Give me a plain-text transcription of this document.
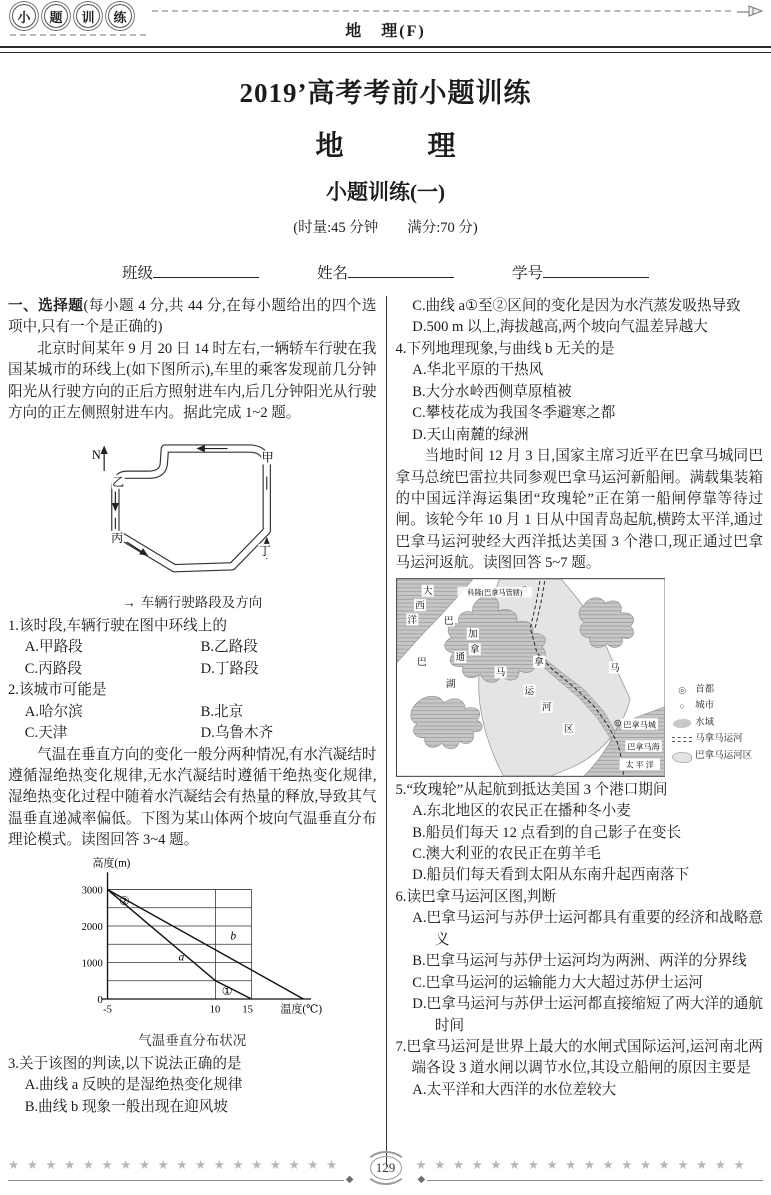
小	题	训	练
地　理(F)
2019’高考考前小题训练
地　　　理
小题训练(一)
(时量:45 分钟　　满分:70 分)
班级	姓名	学号

一、选择题(每小题 4 分,共 44 分,在每小题给出的四个选项中,只有一个是正确的)

北京时间某年 9 月 20 日 14 时左右,一辆轿车行驶在我国某城市的环线上(如下图所示),车里的乘客发现前几分钟阳光从行驶方向的正后方照射进车内,后几分钟阳光从行驶方向的正左侧照射进车内。据此完成 1~2 题。

N	甲
乙
丙
丁
→ 车辆行驶路段及方向

1.该时段,车辆行驶在图中环线上的

A.甲路段	B.乙路段
C.丙路段	D.丁路段

2.该城市可能是

A.哈尔滨	B.北京
C.天津	D.乌鲁木齐

气温在垂直方向的变化一般分两种情况,有水汽凝结时遵循湿绝热变化规律,无水汽凝结时遵循干绝热变化规律,湿绝热变化过程中随着水汽凝结会有热量的释放,导致其气温垂直递减率偏低。下图为某山体两个坡向气温垂直分布理论模式。读图回答 3~4 题。

高度(m)
3000
2000
1000
0
-5	10 15 温度(℃)
②
①
a
b
气温垂直分布状况

3.关于该图的判读,以下说法正确的是

A.曲线 a 反映的是湿绝热变化规律
B.曲线 b 现象一般出现在迎风坡
C.曲线 a①至②区间的变化是因为水汽蒸发吸热导致
D.500 m 以上,海拔越高,两个坡向气温差异越大

4.下列地理现象,与曲线 b 无关的是

A.华北平原的干热风
B.大分水岭西侧草原植被
C.攀枝花成为我国冬季避寒之都
D.天山南麓的绿洲

当地时间 12 月 3 日,国家主席习近平在巴拿马城同巴拿马总统巴雷拉共同参观巴拿马运河新船闸。满载集装箱的中国远洋海运集团“玫瑰轮”正在第一船闸停靠等待过闸。该轮今年 10 月 1 日从中国青岛起航,横跨太平洋,通过巴拿马运河驶经大西洋抵达美国 3 个港口,现正通过巴拿马运河返航。读图回答 5~7 题。

大
西
洋
科隆(巴拿马管辖)
巴
拿
马
运
河
区
加
通
湖
巴	拿
马
巴拿马城
巴拿马海
太 平 洋
◎ 首都
○	城市
水域
马拿马运河
巴拿马运河区

5.“玫瑰轮”从起航到抵达美国 3 个港口期间

A.东北地区的农民正在播种冬小麦
B.船员们每天 12 点看到的自己影子在变长
C.澳大利亚的农民正在剪羊毛
D.船员们每天看到太阳从东南升起西南落下

6.读巴拿马运河区图,判断

A.巴拿马运河与苏伊士运河都具有重要的经济和战略意义
B.巴拿马运河与苏伊士运河均为两洲、两洋的分界线
C.巴拿马运河的运输能力大大超过苏伊士运河
D.巴拿马运河与苏伊士运河都直接缩短了两大洋的通航时间

7.巴拿马运河是世界上最大的水闸式国际运河,运河南北两端各设 3 道水闸以调节水位,其设立船闸的原因主要是

A.太平洋和大西洋的水位差较大
★★★★★★★★★★★★★★★★★★
◆
129	★★★★★★★★★★★★★★★★★★
◆
